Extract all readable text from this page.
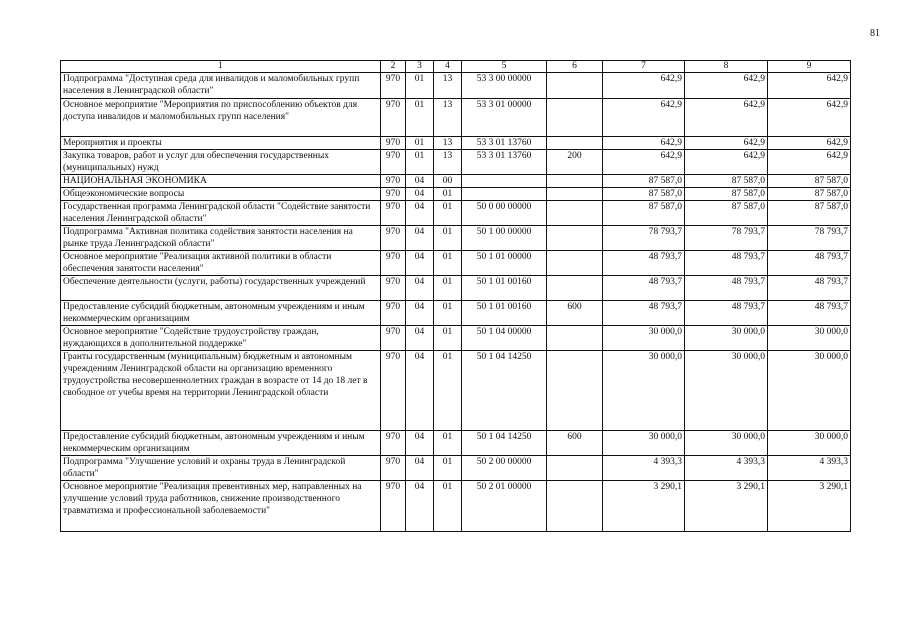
81
1	2	3	4	5	6	7	8	9
Подпрограмма "Доступная среда для инвалидов и маломобильных групп населения в Ленинградской области"	970	01	13	53 3 00 00000		642,9	642,9	642,9
Основное мероприятие "Мероприятия по приспособлению объектов для доступа инвалидов и маломобильных групп населения"	970	01	13	53 3 01 00000		642,9	642,9	642,9
Мероприятия и проекты	970	01	13	53 3 01 13760		642,9	642,9	642,9
Закупка товаров, работ и услуг для обеспечения государственных (муниципальных) нужд	970	01	13	53 3 01 13760	200	642,9	642,9	642,9
НАЦИОНАЛЬНАЯ ЭКОНОМИКА	970	04	00			87 587,0	87 587,0	87 587,0
Общеэкономические вопросы	970	04	01			87 587,0	87 587,0	87 587,0
Государственная программа Ленинградской области "Содействие занятости населения Ленинградской области"	970	04	01	50 0 00 00000		87 587,0	87 587,0	87 587,0
Подпрограмма "Активная политика содействия занятости населения на рынке труда Ленинградской области"	970	04	01	50 1 00 00000		78 793,7	78 793,7	78 793,7
Основное мероприятие "Реализация активной политики в области обеспечения занятости населения"	970	04	01	50 1 01 00000		48 793,7	48 793,7	48 793,7
Обеспечение деятельности (услуги, работы) государственных учреждений	970	04	01	50 1 01 00160		48 793,7	48 793,7	48 793,7
Предоставление субсидий бюджетным, автономным учреждениям и иным некоммерческим организациям	970	04	01	50 1 01 00160	600	48 793,7	48 793,7	48 793,7
Основное мероприятие "Содействие трудоустройству граждан, нуждающихся в дополнительной поддержке"	970	04	01	50 1 04 00000		30 000,0	30 000,0	30 000,0
Гранты государственным (муниципальным) бюджетным и автономным учреждениям Ленинградской области на организацию временного трудоустройства несовершеннолетних граждан в возрасте от 14 до 18 лет в свободное от учебы время на территории Ленинградской области	970	04	01	50 1 04 14250		30 000,0	30 000,0	30 000,0
Предоставление субсидий бюджетным, автономным учреждениям и иным некоммерческим организациям	970	04	01	50 1 04 14250	600	30 000,0	30 000,0	30 000,0
Подпрограмма "Улучшение условий и охраны труда в Ленинградской области"	970	04	01	50 2 00 00000		4 393,3	4 393,3	4 393,3
Основное мероприятие "Реализация превентивных мер, направленных на улучшение условий труда работников, снижение производственного травматизма и профессиональной заболеваемости"	970	04	01	50 2 01 00000		3 290,1	3 290,1	3 290,1
